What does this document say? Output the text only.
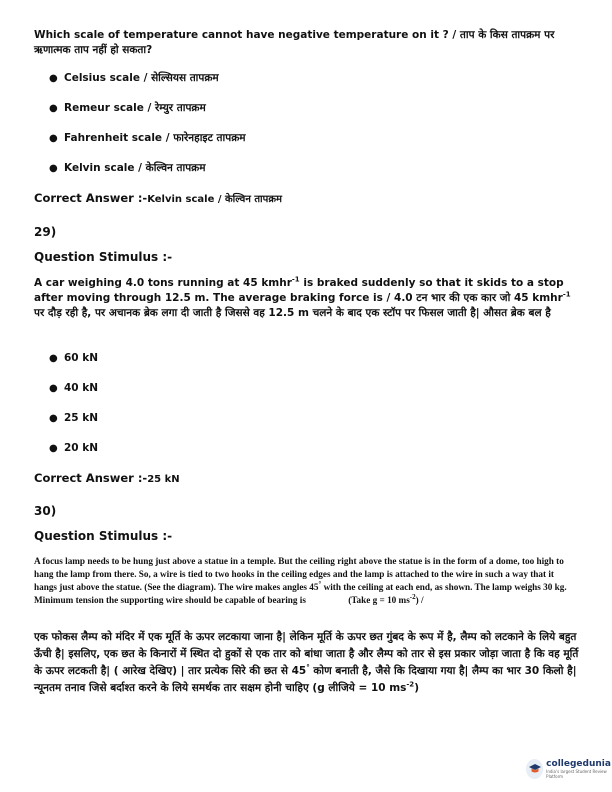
Which scale of temperature cannot have negative temperature on it ? / ताप के किस तापक्रम पर ऋणात्मक ताप नहीं हो सकता?
● Celsius scale / सेल्सियस तापक्रम
● Remeur scale / रेम्युर तापक्रम
● Fahrenheit scale / फारेनहाइट तापक्रम
● Kelvin scale / केल्विन तापक्रम
Correct Answer :-Kelvin scale / केल्विन तापक्रम
29)
Question Stimulus :-
A car weighing 4.0 tons running at 45 kmhr$^{-1}$ is braked suddenly so that it skids to a stop after moving through 12.5 m. The average braking force is / 4.0 टन भार की एक कार जो 45 kmhr$^{-1}$ पर दौड़ रही है, पर अचानक ब्रेक लगा दी जाती है जिससे वह 12.5 m चलने के बाद एक स्टॉप पर फिसल जाती है| औसत ब्रेक बल है
● 60 kN
● 40 kN
● 25 kN
● 20 kN
Correct Answer :-25 kN
30)
Question Stimulus :-
A focus lamp needs to be hung just above a statue in a temple. But the ceiling right above the statue is in the form of a dome, too high to hang the lamp from there. So, a wire is tied to two hooks in the ceiling edges and the lamp is attached to the wire in such a way that it hangs just above the statue. (See the diagram). The wire makes angles 45° with the ceiling at each end, as shown. The lamp weighs 30 kg. Minimum tension the supporting wire should be capable of bearing is	(Take g = 10 $ms^{-2}$) /
एक फोकस लैम्प को मंदिर में एक मूर्ति के ऊपर लटकाया जाना है| लेकिन मूर्ति के ऊपर छत गुंबद के रूप में है, लैम्प को लटकाने के लिये बहुत ऊँची है| इसलिए, एक छत के किनारों में स्थित दो हुकों से एक तार को बांधा जाता है और लैम्प को तार से इस प्रकार जोड़ा जाता है कि वह मूर्ति के ऊपर लटकती है| ( आरेख देखिए) | तार प्रत्येक सिरे की छत से 45° कोण बनाती है, जैसे कि दिखाया गया है| लैम्प का भार 30 किलो है| न्यूनतम तनाव जिसे बर्दाश्त करने के लिये समर्थक तार सक्षम होनी चाहिए (g लीजिये = 10 $ms^{-2}$)
collegedunia
India's largest Student Review Platform
